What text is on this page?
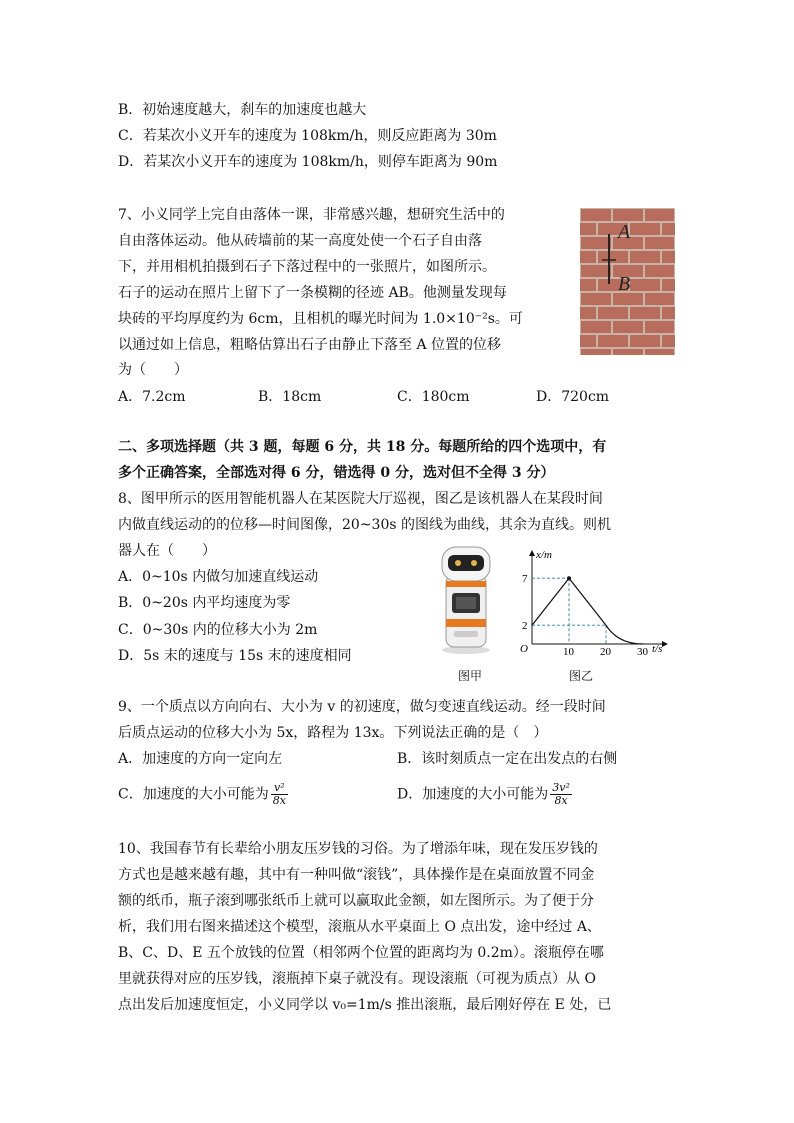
B．初始速度越大，刹车的加速度也越大
C．若某次小义开车的速度为 108km/h，则反应距离为 30m
D．若某次小义开车的速度为 108km/h，则停车距离为 90m
7、小义同学上完自由落体一课，非常感兴趣，想研究生活中的
自由落体运动。他从砖墙前的某一高度处使一个石子自由落
下，并用相机拍摄到石子下落过程中的一张照片，如图所示。
石子的运动在照片上留下了一条模糊的径迹 AB。他测量发现每
块砖的平均厚度约为 6cm，且相机的曝光时间为 1.0×10⁻²s。可
以通过如上信息，粗略估算出石子由静止下落至 A 位置的位移
为（　　）
A．7.2cm	B．18cm	C．180cm	D．720cm
A
B
二、多项选择题（共 3 题，每题 6 分，共 18 分。每题所给的四个选项中，有
多个正确答案，全部选对得 6 分，错选得 0 分，选对但不全得 3 分）
8、图甲所示的医用智能机器人在某医院大厅巡视，图乙是该机器人在某段时间
内做直线运动的的位移—时间图像，20~30s 的图线为曲线，其余为直线。则机
器人在（　　）
A．0~10s 内做匀加速直线运动
B．0~20s 内平均速度为零
C．0~30s 内的位移大小为 2m
D．5s 末的速度与 15s 末的速度相同
图甲
x/m
t/s
O	10 20 30
2
7
图乙
9、一个质点以方向向右、大小为 v 的初速度，做匀变速直线运动。经一段时间
后质点运动的位移大小为 5x，路程为 13x。下列说法正确的是（　）
A．加速度的方向一定向左	B．该时刻质点一定在出发点的右侧
C．加速度的大小可能为 $\frac{\text{v²}}{8x}$	D．加速度的大小可能为 $\frac{\text{3v²}}{8x}$
10、我国春节有长辈给小朋友压岁钱的习俗。为了增添年味，现在发压岁钱的
方式也是越来越有趣，其中有一种叫做“滚钱”，具体操作是在桌面放置不同金
额的纸币，瓶子滚到哪张纸币上就可以赢取此金额，如左图所示。为了便于分
析，我们用右图来描述这个模型，滚瓶从水平桌面上 O 点出发，途中经过 A、
B、C、D、E 五个放钱的位置（相邻两个位置的距离均为 0.2m）。滚瓶停在哪
里就获得对应的压岁钱，滚瓶掉下桌子就没有。现设滚瓶（可视为质点）从 O
点出发后加速度恒定，小义同学以 v₀=1m/s 推出滚瓶，最后刚好停在 E 处，已
